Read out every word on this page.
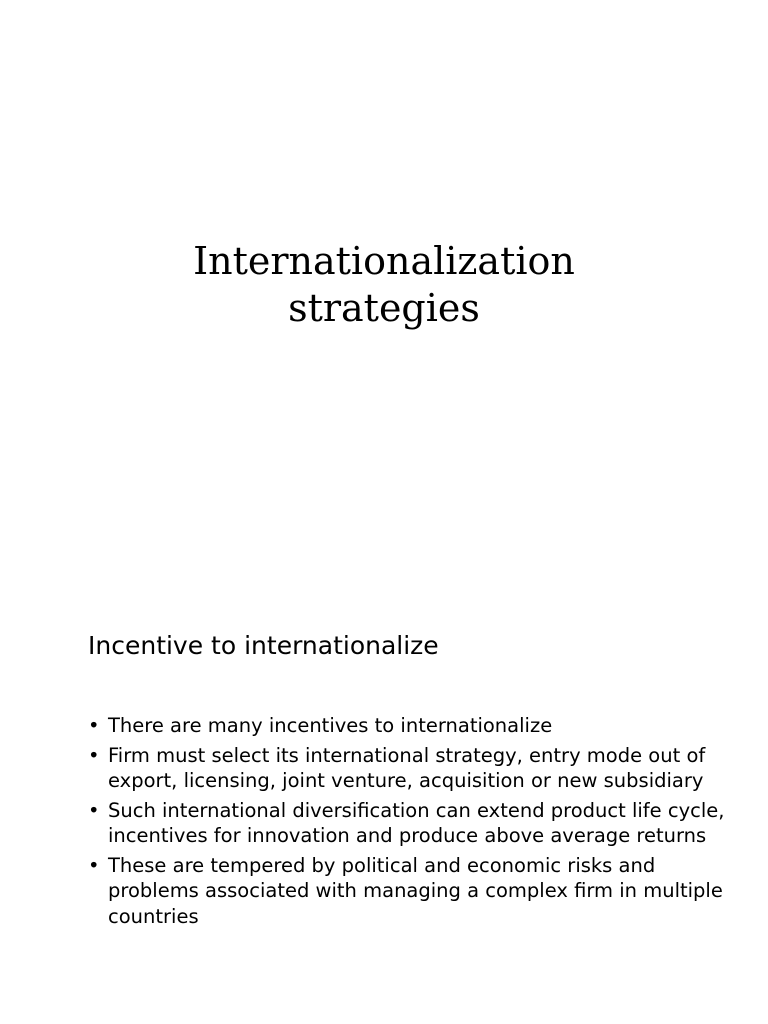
Internationalization
strategies
Incentive to internationalize
• There are many incentives to internationalize
• Firm must select its international strategy, entry mode out of export, licensing, joint venture, acquisition or new subsidiary
• Such international diversification can extend product life cycle, incentives for innovation and produce above average returns
• These are tempered by political and economic risks and problems associated with managing a complex firm in multiple countries
